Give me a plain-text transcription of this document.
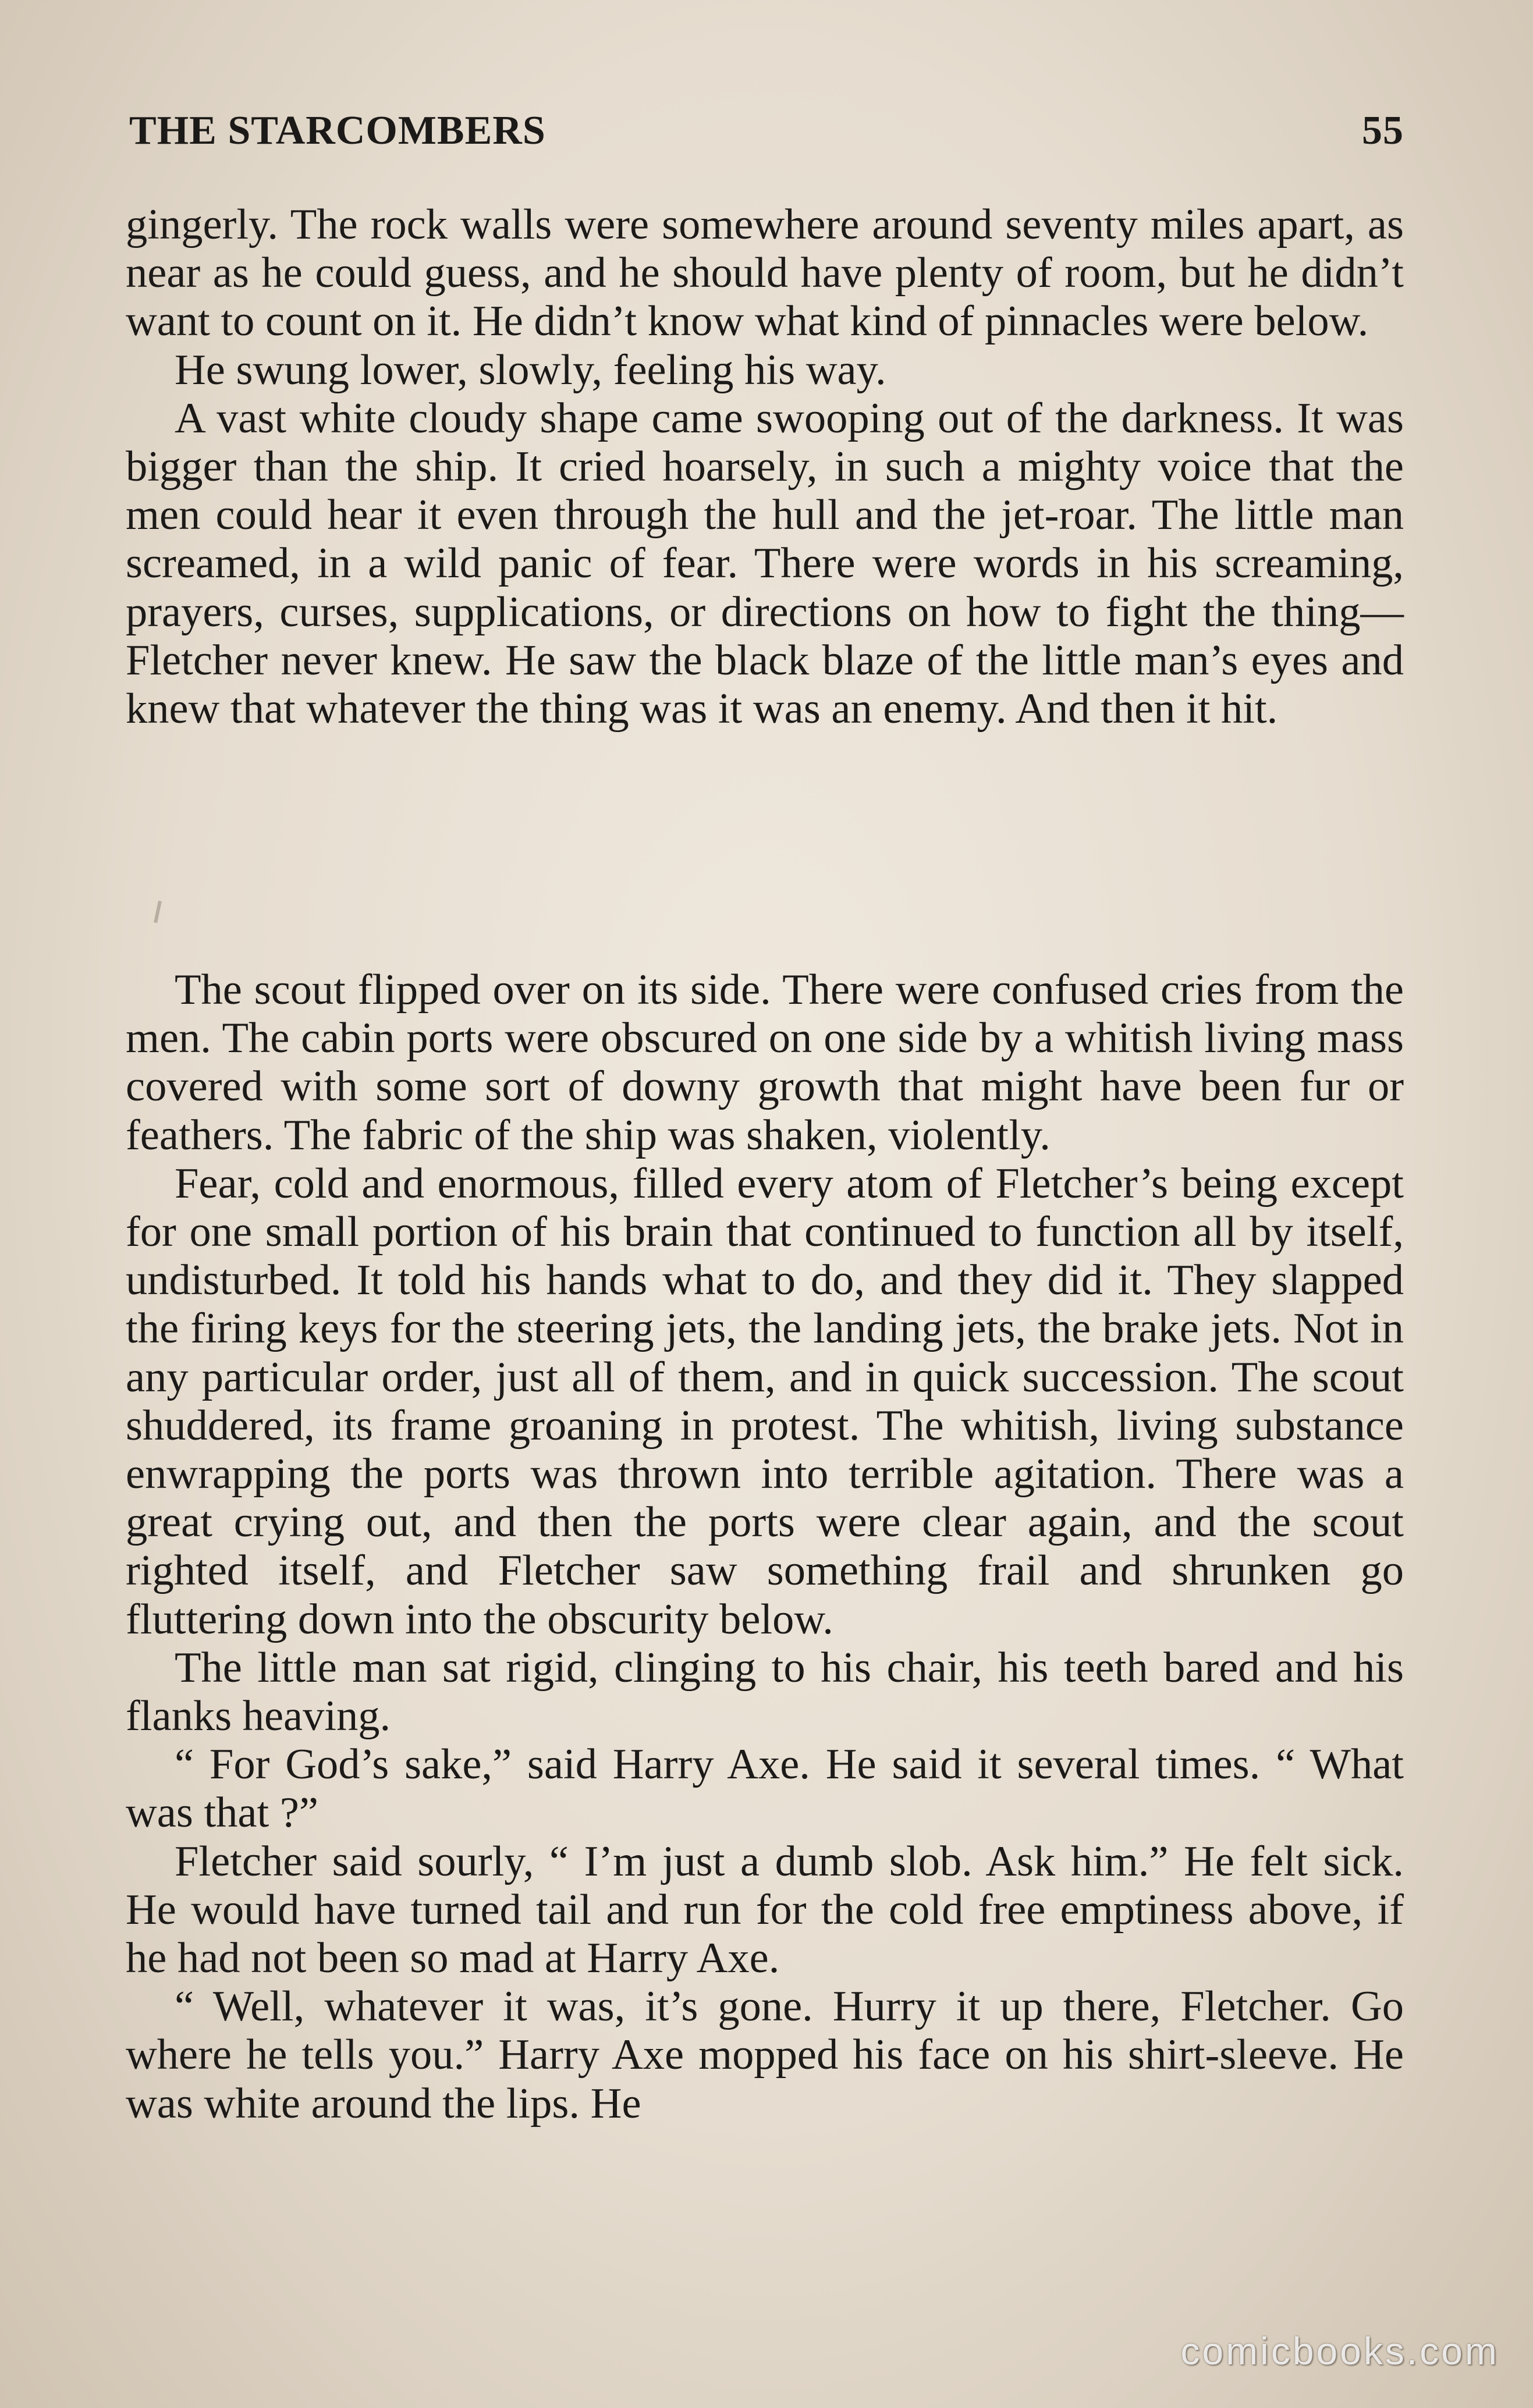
THE STARCOMBERS	55

gingerly. The rock walls were somewhere around seventy miles apart, as near as he could guess, and he should have plenty of room, but he didn’t want to count on it. He didn’t know what kind of pinnacles were below.

He swung lower, slowly, feeling his way.

A vast white cloudy shape came swooping out of the darkness. It was bigger than the ship. It cried hoarsely, in such a mighty voice that the men could hear it even through the hull and the jet-roar. The little man screamed, in a wild panic of fear. There were words in his screaming, prayers, curses, supplications, or directions on how to fight the thing—Fletcher never knew. He saw the black blaze of the little man’s eyes and knew that whatever the thing was it was an enemy. And then it hit.

The scout flipped over on its side. There were confused cries from the men. The cabin ports were obscured on one side by a whitish living mass covered with some sort of downy growth that might have been fur or feathers. The fabric of the ship was shaken, violently.

Fear, cold and enormous, filled every atom of Fletcher’s being except for one small portion of his brain that continued to function all by itself, undisturbed. It told his hands what to do, and they did it. They slapped the firing keys for the steering jets, the landing jets, the brake jets. Not in any particular order, just all of them, and in quick succession. The scout shuddered, its frame groaning in protest. The whitish, living substance enwrapping the ports was thrown into terrible agitation. There was a great crying out, and then the ports were clear again, and the scout righted itself, and Fletcher saw something frail and shrunken go fluttering down into the obscurity below.

The little man sat rigid, clinging to his chair, his teeth bared and his flanks heaving.

“ For God’s sake,” said Harry Axe. He said it several times. “ What was that ?”

Fletcher said sourly, “ I’m just a dumb slob. Ask him.” He felt sick. He would have turned tail and run for the cold free emptiness above, if he had not been so mad at Harry Axe.

“ Well, whatever it was, it’s gone. Hurry it up there, Fletcher. Go where he tells you.” Harry Axe mopped his face on his shirt-sleeve. He was white around the lips. He

comicbooks.com
